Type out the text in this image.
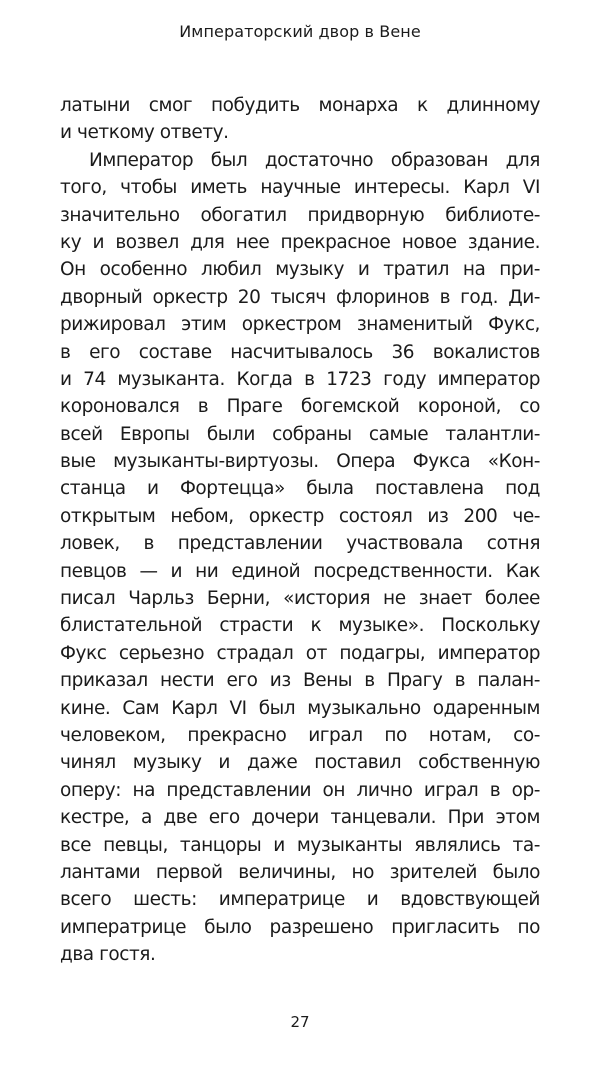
Императорский двор в Вене
латыни смог побудить монарха к длинному
и четкому ответу.
Император был достаточно образован для
того, чтобы иметь научные интересы. Карл VI
значительно обогатил придворную библиоте-
ку и возвел для нее прекрасное новое здание.
Он особенно любил музыку и тратил на при-
дворный оркестр 20 тысяч флоринов в год. Ди-
рижировал этим оркестром знаменитый Фукс,
в его составе насчитывалось 36 вокалистов
и 74 музыканта. Когда в 1723 году император
короновался в Праге богемской короной, со
всей Европы были собраны самые талантли-
вые музыканты-виртуозы. Опера Фукса «Кон-
станца и Фортецца» была поставлена под
открытым небом, оркестр состоял из 200 че-
ловек, в представлении участвовала сотня
певцов — и ни единой посредственности. Как
писал Чарльз Берни, «история не знает более
блистательной страсти к музыке». Поскольку
Фукс серьезно страдал от подагры, император
приказал нести его из Вены в Прагу в палан-
кине. Сам Карл VI был музыкально одаренным
человеком, прекрасно играл по нотам, со-
чинял музыку и даже поставил собственную
оперу: на представлении он лично играл в ор-
кестре, а две его дочери танцевали. При этом
все певцы, танцоры и музыканты являлись та-
лантами первой величины, но зрителей было
всего шесть: императрице и вдовствующей
императрице было разрешено пригласить по
два гостя.
27
